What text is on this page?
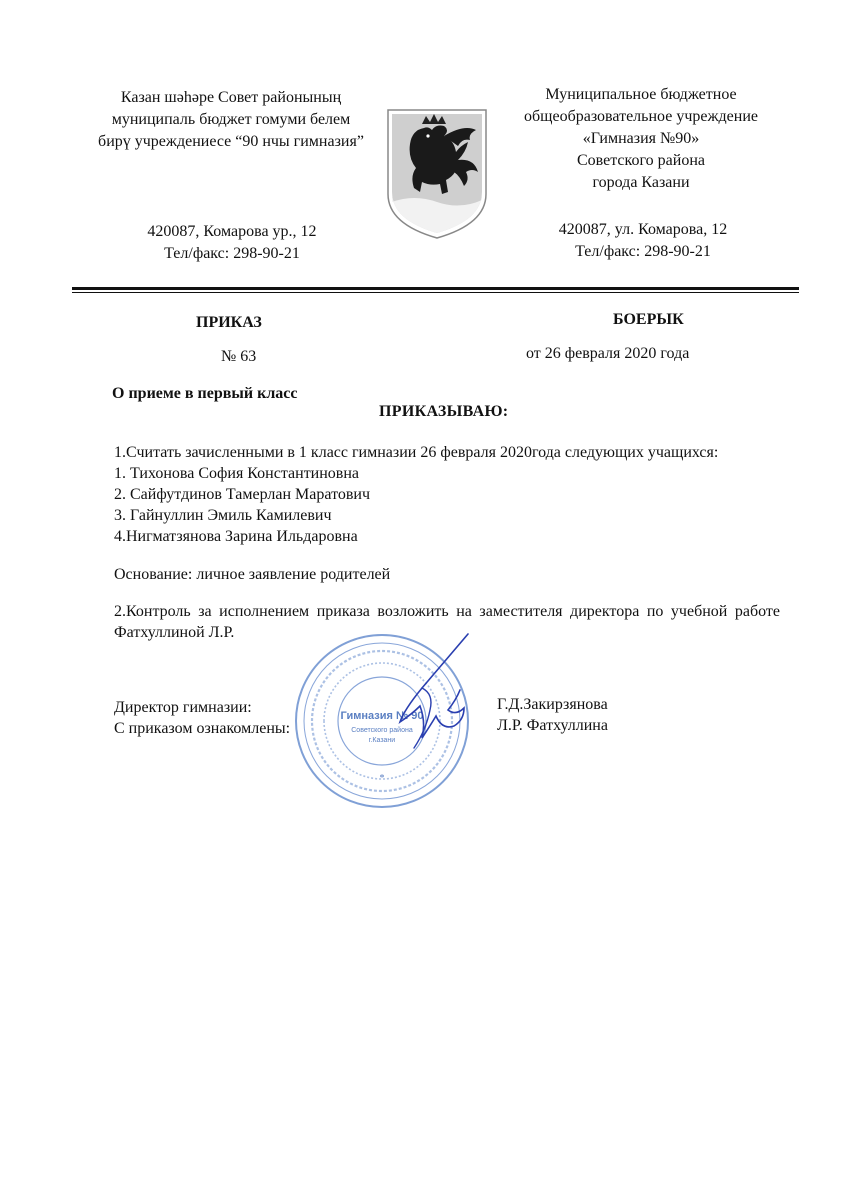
Казан шәһәре Совет районының
муниципаль бюджет гомуми белем
бирү учреждениесе “90 нчы гимназия”
Муниципальное бюджетное
общеобразовательное учреждение
«Гимназия №90»
Советского района
города Казани
420087, Комарова ур., 12
Тел/факс: 298-90-21
420087, ул. Комарова, 12
Тел/факс: 298-90-21
ПРИКАЗ	БОЕРЫК
№ 63	от 26 февраля 2020 года
О приеме в первый класс
ПРИКАЗЫВАЮ:
1.Считать зачисленными в 1 класс гимназии 26 февраля 2020года следующих учащихся:
1. Тихонова София Константиновна
2. Сайфутдинов Тамерлан Маратович
3. Гайнуллин Эмиль Камилевич
4.Нигматзянова Зарина Ильдаровна
Основание: личное заявление родителей
2.Контроль за исполнением приказа возложить на заместителя директора по учебной работе Фатхуллиной Л.Р.
Гимназия № 90
Советского района
г.Казани
*
Директор гимназии:
С приказом ознакомлены:
Г.Д.Закирзянова
Л.Р. Фатхуллина
